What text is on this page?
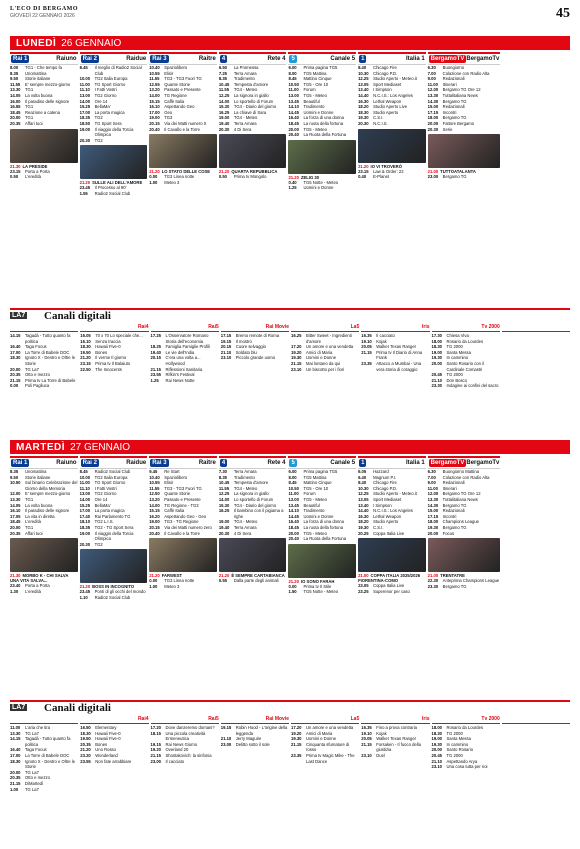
L'ECO DI BERGAMO
GIOVEDÌ 22 GENNAIO 2026	45
LUNEDÌ 26 GENNAIO
Rai 1	Raiuno
8.00	TG1 - Che tempo fa
8.35	Unomattina
9.50	Storie italiane
11.55	E' sempre mezzo-giorno
13.30	TG1
14.05	La volta buona
16.00	Il paradiso delle signore
16.55	TG1
18.45	Reazione a catena
20.00	TG1
20.35	Affari tuoi
21.30 LA PRESIDE
23.15	Porta a Porta
0.50	L'eredità
Rai 2	Raidue
8.45	Il meglio di Radio2 Social Club
10.00	TG2 Italia Europa
11.00	TG Sport Giorno
11.10	I Fatti Vostri
13.00	TG2 Giorno
14.00	Ore 14
15.25	BellaMa'
17.00	La porta magica
18.35	TG2
18.50	TG Sport Sera
19.00	Il viaggio della Torcia Olimpica
20.30	TG2
21.20 SULLE ALI DELL'AMORE
23.45	Il Processo al 90'
1.55	Radio2 Social Club
Rai 3	Raitre
10.40	Spaziolibero
10.55	Elisir
11.55	TG3 - TG3 Fuori TG
12.55	Quante Storie
13.20	Passato e Presente
14.00	TG Regione
15.15	Caffè Italia
16.10	Aspettando Geo
17.00	Geo
19.00	TG3
20.15	Via dei Matti numero 0
20.40	Il Cavallo e la Torre
21.20 LO STATO DELLE COSE
0.00	TG3 Linea notte
1.00	Meteo 3
4	Rete 4
6.50	La Promessa
7.25	Terra Amara
8.35	Tradimento
10.45	Tempesta d'amore
11.55	TG4 - Meteo
12.25	La signora in giallo
14.00	Lo sportello di Forum
15.30	TG4 - Diario del giorno
16.25	La chiave di Sara
19.00	TG4 - Meteo
19.40	Terra Amara
20.30	4 Di Sera
21.20 QUARTA REPUBBLICA
0.50	Prima tv Mongolo
5	Canale 5
6.00	Prima pagina TG5
8.00	TG5 Mattina
8.45	Mattino Cinque
10.50	TG5 - Ore 10
11.00	Forum
13.00	TG5 - Meteo
13.45	Beautiful
14.10	Tradimento
14.45	Uomini e Donne
16.40	La forza di una donna
18.45	La ruota della fortuna
20.00	TG5 - Meteo
20.40	La Ruota della Fortuna
21.20 ZELIG 30
0.40	TG5 Notte - Meteo
1.25	Uomini e Donne
1	Italia 1
8.40	Chicago Fire
10.30	Chicago P.D.
12.25	Studio Aperto - Meteo.it
13.05	Sport Mediaset
13.40	I Simpson
14.40	N.C.I.S.: Los Angeles
16.30	Lethal Weapon
18.20	Studio Aperto Live
18.30	Studio Aperto
19.30	C.S.I.
20.30	N.C.I.S.
21.20 IO VI TROVERÒ
23.15	Law & Order: 22
0.40	E-Planet
BergamoTV BergamoTv
6.30	Buongiorno
7.00	Colazione con Radio Alta
9.00	Redazionali
11.00	Itinerari
12.00	Bergamo TG Ore 12
13.30	Tuttalitaliana News
14.30	Bergamo TG
15.00	Redazionali
17.15	Incontri
18.00	Bergamo TG
20.00	Fattore Bergamo
20.30	Serie
21.00 TUTTOATALANTA
23.00	Bergamo TG
LA7 Canali digitali
14.15	Tagadà - Tutto quanto fa politica
16.40	Taga Focus
17.00	La Torre di Babele DOC
18.30	Ignoto X - Dentro e Oltre le Storie
20.00	TG La7
20.35	Otto e mezzo
21.15	Prima tv La Torre di Babele
0.00	Poli Pagliuca
Rai4
16.05	70 x 70 Lo speciale che...
16.10	Senza traccia
18.30	Hawaii Five-0
19.50	Bones
21.20	Il verme Il giorno
23.15	Prima tv Il Balaiuto
22.50	The Innocents
Rai5
17.25	L'Osservatore Romano Storia dell'economia
18.25	Famiglia Famiglie Profili
19.40	Le vie dell'India
20.15	C'era una volta a... Hollywood
21.15	Riflessioni Sanitaria
23.55	Rifkin's Festival
1.25	Rai News Notte
Rai Movie
17.15	Bremo remote di Roma
19.15	Il mostro
20.15	Cuore selvaggio
21.10	Soldato blu
23.10	Piccolo grande uomo
La5
16.25	Bitter Sweet - Ingredienti d'amore
17.20	Un amore e una vendetta
19.20	Amici di Maria
19.30	Uomini e Donne
21.15	Mai lontano da qui
23.10	Un biscotto per i fiori
Iris
16.35	Il cacciato
19.10	Kojak
20.05	Walker Texas Ranger
21.15	Prima tv Il Diario di Anna Frank
23.35	Attacco a Mumbai - Una vera storia di coraggio
Tv 2000
17.30	Chiesa Viva
18.00	Rosario da Lourdes
18.30	TG 2000
19.00	Santa Messa
19.30	In cammino
20.00	Santo Rosario con il Cardinale Comastri
20.45	TG 2000
21.10	Don Bosco
23.30	Indagine ai confini del sacro
MARTEDÌ 27 GENNAIO
Rai 1	Raiuno
8.35	Unomattina
9.50	Storie italiane
10.50	Sul binario Celebrazione del Giorno della Memoria
12.00	E' sempre mezzo-giorno
13.30	TG1
14.05	La volta buona
16.10	Il paradiso delle signore
17.05	La vita in diretta
18.45	L'eredità
20.00	TG1
20.35	Affari tuoi
21.30 MORBO K - CHI SALVA UNA VITA SALVA...
23.40	Porta a Porta
1.30	L'eredità
Rai 2	Raidue
8.45	Radio2 Social Club
10.00	TG2 Italia Europa
11.00	TG Sport Giorno
11.10	I Fatti Vostri
13.00	TG2 Giorno
14.00	Ore 14
15.25	BellaMa'
17.00	La porta magica
17.40	Rai Parlamento TG
18.10	TG2 L.I.S.
18.35	TG2 - TG Sport Sera
19.00	Il viaggio della Torcia Olimpica
20.30	TG2
21.20 BOSS IN INCOGNITO
23.45	Ponti di gli occhi del mondo
1.10	Radio2 Social Club
Rai 3	Raitre
9.45	Re Start
10.40	Spaziolibero
10.55	Elisir
11.55	TG3 - TG3 Fuori TG
12.50	Quante Storie
13.20	Passato e Presente
14.00	TG Regione - TG3
15.15	Caffè Italia
16.20	Aspettando Geo - Geo
19.00	TG3 - TG Regione
20.15	Via dei Matti numero zero
20.40	Il Cavallo e la Torre
21.20 FARWEST
0.00	TG3 Linea notte
1.00	Meteo 3
4	Rete 4
7.30	Terra Amara
8.35	Tradimento
10.45	Tempesta d'amore
11.55	TG4 - Meteo
12.25	La signora in giallo
14.00	Lo sportello di Forum
15.30	TG4 - Diario del giorno
16.25	Il bambino con il pigiama a righe
19.00	TG4 - Meteo
19.40	Terra Amara
20.30	4 Di Sera
21.20 È SEMPRE CARTABIANCA
0.55	Dalla parte degli animali
5	Canale 5
6.00	Prima pagina TG5
8.00	TG5 Mattina
8.45	Mattino Cinque
10.50	TG5 - Ore 10
11.00	Forum
13.00	TG5 - Meteo
13.45	Beautiful
14.10	Tradimento
14.45	Uomini e Donne
16.40	La forza di una donna
18.45	La ruota della fortuna
20.00	TG5 - Meteo
20.40	La Ruota della Fortuna
21.20 IO SONO FARAH
0.00	Prima tv Il Stile
1.50	TG5 Notte - Meteo
1	Italia 1
6.05	Hazzard
6.40	Magnum P.I.
8.40	Chicago Fire
10.30	Chicago P.D.
12.25	Studio Aperto - Meteo.it
13.05	Sport Mediaset
13.40	I Simpson
14.40	N.C.I.S.: Los Angeles
16.30	Lethal Weapon
18.20	Studio Aperto
19.30	C.S.I.
20.25	Coppa Italia Live
21.00 COPPA ITALIA 2025/2026 FIORENTINA-COMO
23.05	Coppa Italia Live
23.25	Superenor per caso
BergamoTV BergamoTv
6.30	Buongiorno Mattina
7.00	Colazione con Radio Alta
9.00	Redazionali
11.00	Itinerari
12.00	Bergamo TG Ore 12
13.30	Tuttalitaliana News
14.30	Bergamo TG
15.00	Redazionali
17.15	Incontri
18.00	Champions League
19.30	Bergamo TG
20.00	Focus
21.00 TRENTATRE
22.30	Anteprima Champions League
23.30	Bergamo TG
LA7 Canali digitali
11.00	L'aria che tira
13.30	TG La7
14.15	Tagadà - Tutto quanto fa politica
16.40	Taga Focus
17.00	La Torre di Babele DOC
18.30	Ignoto X - Dentro e Oltre le Storie
20.00	TG La7
20.35	Otto e mezzo
21.15	DiMartedì
1.00	TG La7
Rai4
16.50	Elementary
18.30	Hawaii Five-0
19.50	Hawaii Five-0
20.35	Bones
21.20	Uno Rosso
23.20	Wonderland
23.55	Non fate arrabbiare
Rai5
17.20	Dove danzeremo domani?
18.15	Una piccola creatività Ermeneutica
19.15	Rai News Giorno
19.20	Overland 20
21.15	Shostakovich: la sinfonia
23.00	Il cacciato
Rai Movie
19.15	Robin Hood - L'origine della leggenda
21.10	Jerry Maguire
23.00	Delitto sotto il sole
La5
17.20	Un amore e una vendetta
19.20	Amici di Maria
19.30	Uomini e Donne
21.15	Cinquanta sfumature di rosso
23.35	Prima tv Magic Mike - The Last Dance
Iris
16.35	Fino a prova contraria
19.10	Kojak
20.05	Walker Texas Ranger
21.15	Forsaken - Il fuoco della giustizia
23.10	Duel
Tv 2000
18.00	Rosario da Lourdes
18.30	TG 2000
19.00	Santa Messa
19.30	In cammino
20.00	Santo Rosario
20.45	TG 2000
21.10	Aspettando Arya
23.10	Una cosa tutta per noi
